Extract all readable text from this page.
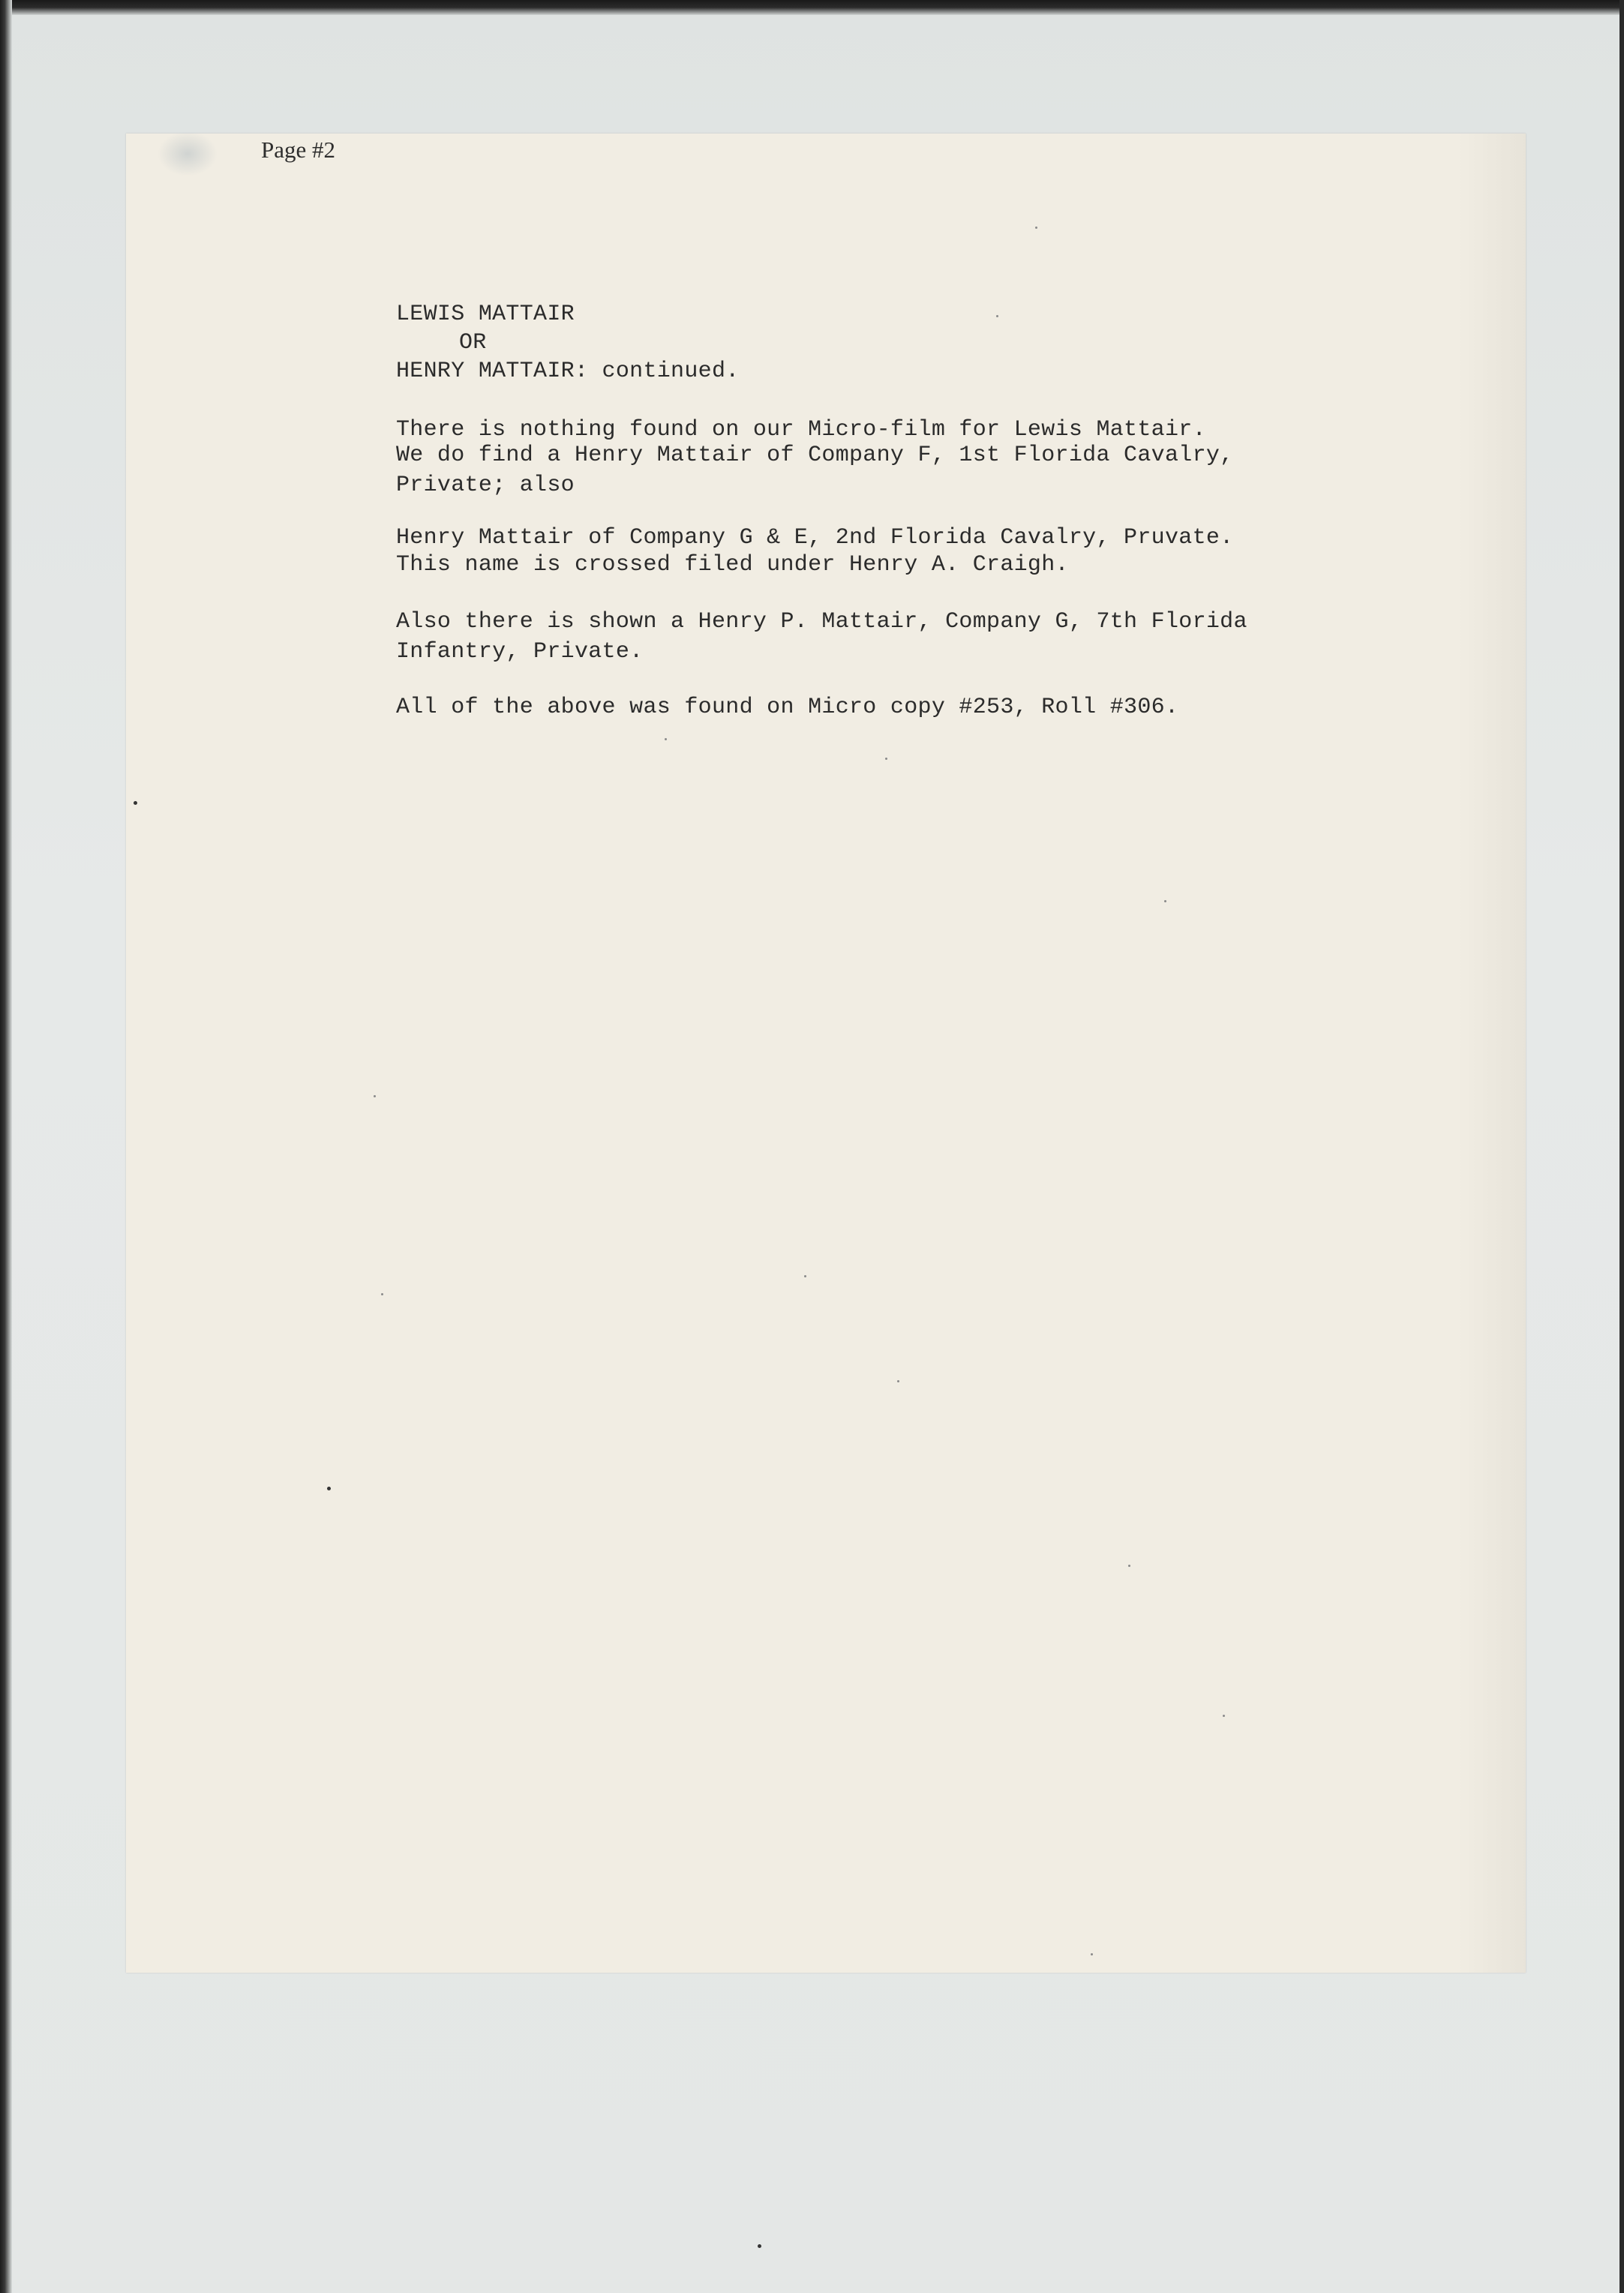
Page #2
LEWIS MATTAIR
OR
HENRY MATTAIR: continued.
There is nothing found on our Micro-film for Lewis Mattair.
We do find a Henry Mattair of Company F, 1st Florida Cavalry,
Private; also
Henry Mattair of Company G & E, 2nd Florida Cavalry, Pruvate.
This name is crossed filed under Henry A. Craigh.
Also there is shown a Henry P. Mattair, Company G, 7th Florida
Infantry, Private.
All of the above was found on Micro copy #253, Roll #306.
